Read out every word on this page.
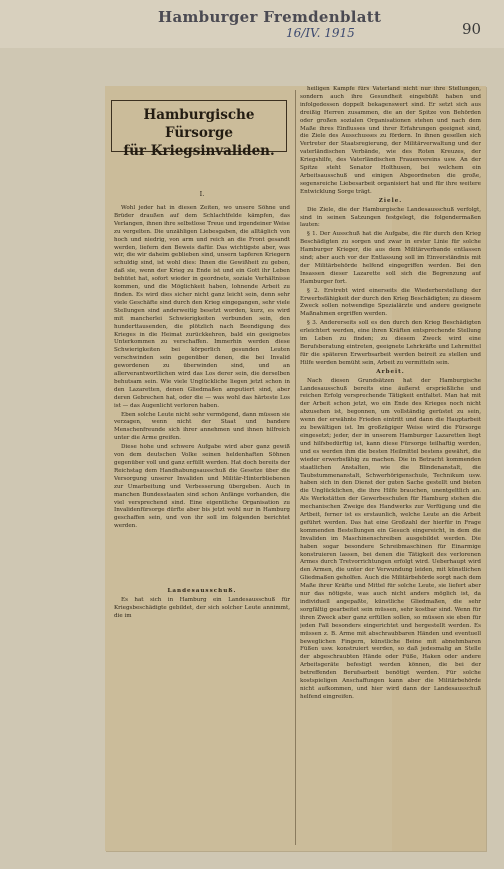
Hamburger Fremdenblatt
16/IV. 1915	90
Hamburgische Fürsorge
für Kriegsinvaliden.
I.

Wohl jeder hat in diesen Zeiten, wo unsere Söhne und Brüder draußen auf dem Schlachtfelde kämpfen, das Verlangen, ihnen ihre selbstlose Treue und irgendeiner Weise zu vergelten. Die unzähligen Liebesgaben, die alltäglich von hoch und niedrig, von arm und reich an die Front gesandt werden, liefern den Beweis dafür. Das wichtigste aber, was wir, die wir daheim geblieben sind, unsern tapferen Kriegern schuldig sind, ist wohl dies: Ihnen die Gewißheit zu geben, daß sie, wenn der Krieg zu Ende ist und ein Gott ihr Leben behütet hat, sofort wieder in geordnete, soziale Verhältnisse kommen, und die Möglichkeit haben, lohnende Arbeit zu finden. Es wird dies sicher nicht ganz leicht sein, denn sehr viele Geschäfte sind durch den Krieg eingegangen, sehr viele Stellungen sind anderweitig besetzt worden, kurz, es wird mit mancherlei Schwierigkeiten verbunden sein, den hunderttausenden, die plötzlich nach Beendigung des Krieges in die Heimat zurückkehren, bald ein geeignetes Unterkommen zu verschaffen. Immerhin werden diese Schwierigkeiten bei körperlich gesunden Leuten verschwinden sein gegenüber denen, die bei Invalid gewordenen zu überwinden sind, und an allerverantwortlichen wird das Los derer sein, die derselben behutsam sein. Wie viele Unglückliche liegen jetzt schon in den Lazaretten, denen Gliedmaßen amputiert sind, aber deren Gebrechen hat, oder die — was wohl das härteste Los ist — das Augenlicht verloren haben.

Eben solche Leute nicht sehr vermögend, dann müssen sie verzagen, wenn nicht der Staat und bandere Menschenfreunde sich ihrer annehmen und ihnen hilfreich unter die Arme greifen.

Diese hohe und schwere Aufgabe wird aber ganz gewiß von dem deutschen Volke seinen heldenhaften Söhnen gegenüber voll und ganz erfüllt werden. Hat doch bereits der Reichstag dem Handhabungsausschuß die Gesetze über die Versorgung unserer Invaliden und Militär-Hinterbliebenen zur Umarbeitung und Verbesserung übergeben. Auch in manchen Bundesstaaten sind schon Anfänge vorhanden, die viel versprechend sind. Eine eigentliche Organisation zu Invalidenfürsorge dürfte aber bis jetzt wohl nur in Hamburg geschaffen sein, und von ihr soll im folgenden berichtet werden.

Landesausschuß.

Es hat sich in Hamburg ein Landesausschuß für Kriegsbeschädigte gebildet, der sich solcher Leute annimmt, die im

heiligen Kampfe fürs Vaterland nicht nur ihre Stellungen, sondern auch ihre Gesundheit eingebüßt haben und infolgedessen doppelt bekagenswert sind. Er setzt sich aus dreißig Herren zusammen, die an der Spitze von Behörden oder großen sozialen Organisationen stehen und nach dem Maße ihres Einflusses und ihrer Erfahrungen geeignet sind, die Ziele des Ausschusses zu fördern. In ihnen gesellen sich Vertreter der Staatsregierung, der Militärverwaltung und der vaterländischen Verbände, wie des Roten Kreuzes, der Kriegshilfe, des Vaterländischen Frauenvereins usw. An der Spitze steht Senator Holthusen, bei welchem ein Arbeitsausschuß und einigen Abgeordneten die große, segensreiche Liebesarbeit organisiert hat und für ihre weitere Entwicklung Sorge trägt.

Ziele.

Die Ziele, die der Hamburgische Landesausschuß verfolgt, sind in seinen Satzungen festgelegt, die folgendermaßen lauten:

§ 1. Der Ausschuß hat die Aufgabe, die für durch den Krieg Beschädigten zu sorgen und zwar in erster Linie für solche Hamburger Krieger, die aus dem Militärverbande entlassen sind; aber auch vor der Entlassung soll im Einverständnis mit der Militärbehörde helfend eingegriffen werden. Bei den Insassen dieser Lazarette soll sich die Begrenzung auf Hamburger fort.

§ 2. Erstrebt wird einerseits die Wiederherstellung der Erwerbsfähigkeit der durch den Krieg Beschädigten; zu diesem Zweck sollen notwendige Spezialärzte und andere geeignete Maßnahmen ergriffen werden.

§ 3. Andererseits soll es den durch den Krieg Beschädigten erleichtert werden, eine ihren Kräften entsprechende Stellung im Leben zu finden; zu diesem Zweck wird eine Berufsberatung eintreten, geeignete Lehrkräfte und Lehrmittel für die späteren Erwerbsarbeit werden beireit zu stellen und Hilfe werden bemüht sein, Arbeit zu vermitteln sein.

Arbeit.

Nach diesen Grundsätzen hat der Hamburgische Landesausschuß bereits eine äußerst ersprießliche und reichen Erfolg versprechende Tätigkeit entfaltet. Man hat mit der Arbeit schon jetzt, wo ein Ende des Krieges noch nicht abzusehen ist, begonnen, um vollständig gerüstet zu sein, wenn der erwähnte Frieden eintritt und dann die Hauptarbeit zu bewältigen ist. Im großzügiger Weise wird die Fürsorge eingesetzt; jeder, der in unserem Hamburger Lazaretten liegt und hilfsbedürftig ist, kann diese Fürsorge teilhaftig werden, und es werden ihm die besten Heilmittel bestens gewährt, die wieder erwerbsfähig zu machen. Die in Betracht kommenden staatlichen Anstalten, wie die Blindenanstalt, die Taubstummenanstalt, Schwerhörigenschule, Technikum usw. haben sich in den Dienst der guten Sache gestellt und bieten die Unglücklichen, die ihre Hilfe brauchen, unentgeltlich an. Als Werkstätten der Gewerbeschulen für Hamburg stehen die mechanischen Zweige des Handwerks zur Verfügung und die Artbeit, ferner ist es erstaunlich, welche Leute an die Arbeit geführt werden. Das hat eine Großzahl der hierfür in Frage kommenden Bestellungen ein Gesuch eingereicht, in dem die Invaliden im Maschinenschreiben ausgebildet werden. Die haben sogar besondere Schreibmaschinen für Einarmige konstruieren lassen, bei denen die Tätigkeit des verlorenen Armes durch Tretvorrichtungen erfolgt wird. Ueberhaupt wird den Armen, die unter der Verwundung leiden, mit künstlichen Gliedmaßen geholfen. Auch die Militärbehörde sorgt nach dem Maße ihrer Kräfte und Mittel für solche Leute, sie liefert aber nur das nötigste, was auch nicht anders möglich ist, da individuell angepaßte, künstliche Gliedmaßen, die sehr sorgfältig gearbeitet sein müssen, sehr kostbar sind. Wenn für ihren Zweck aber ganz erfüllen sollen, so müssen sie eben für jeden Fall besonders eingerichtet und hergestellt werden. Es müssen z. B. Arme mit abschraubbaren Händen und eventuell beweglichen Fingern, künstliche Beine mit abnehmbaren Füßen usw. konstruiert werden, so daß jedesmalig an Stelle der abgeschraubten Hände oder Füße, Haken oder andere Arbeitsgeräte befestigt werden können, die bei der betreffenden Berufsarbeit benötigt werden. Für solche kostspieligen Anschaffungen kann aber die Militärbehörde nicht aufkommen, und hier wird dann der Landesausschuß helfend eingreifen.
